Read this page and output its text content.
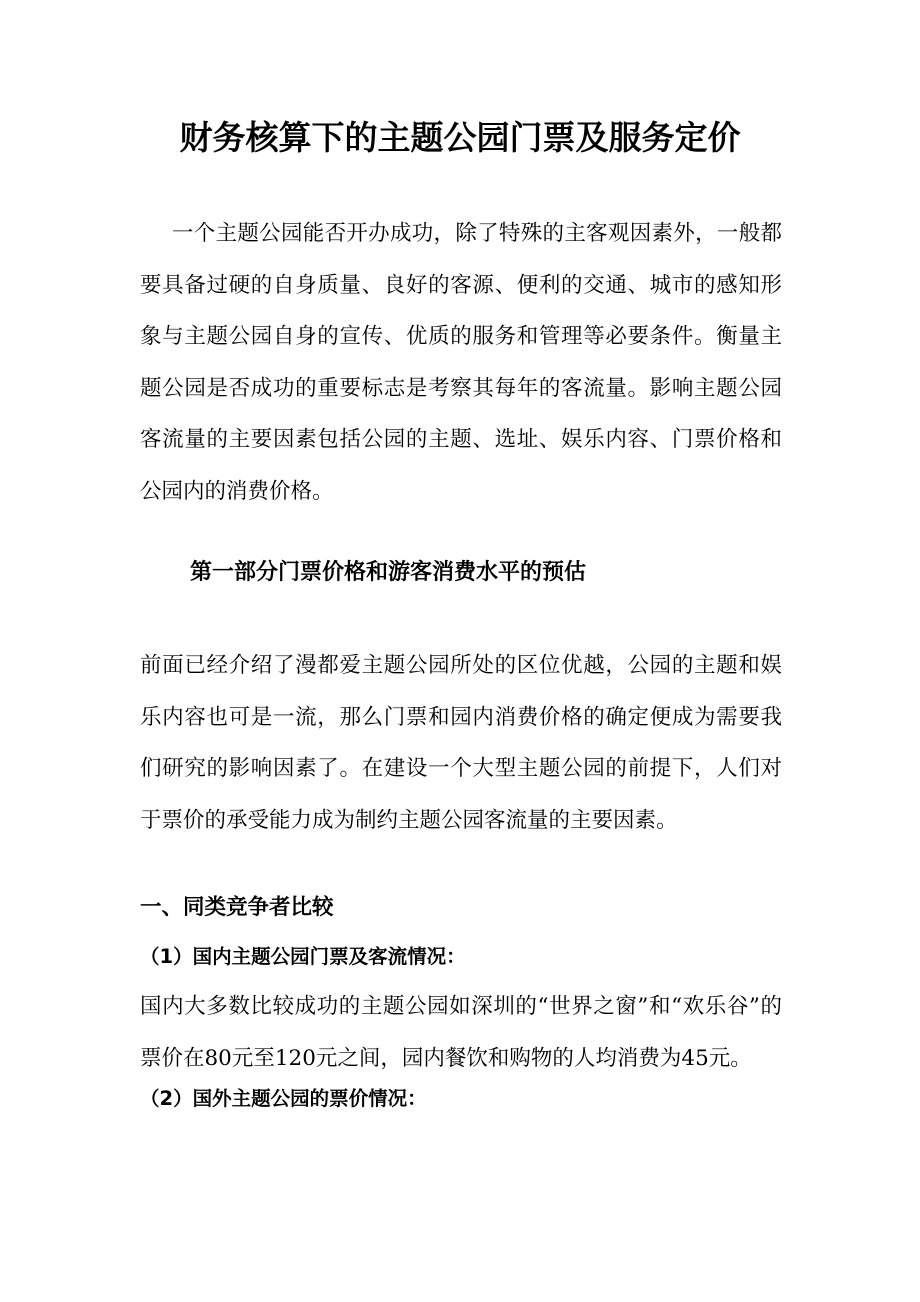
财务核算下的主题公园门票及服务定价

一个主题公园能否开办成功，除了特殊的主客观因素外，一般都要具备过硬的自身质量、良好的客源、便利的交通、城市的感知形象与主题公园自身的宣传、优质的服务和管理等必要条件。衡量主题公园是否成功的重要标志是考察其每年的客流量。影响主题公园客流量的主要因素包括公园的主题、选址、娱乐内容、门票价格和公园内的消费价格。

第一部分门票价格和游客消费水平的预估

前面已经介绍了漫都爱主题公园所处的区位优越，公园的主题和娱乐内容也可是一流，那么门票和园内消费价格的确定便成为需要我们研究的影响因素了。在建设一个大型主题公园的前提下，人们对于票价的承受能力成为制约主题公园客流量的主要因素。

一、同类竞争者比较
（1）国内主题公园门票及客流情况：

国内大多数比较成功的主题公园如深圳的“世界之窗”和“欢乐谷”的票价在80元至120元之间，园内餐饮和购物的人均消费为45元。

（2）国外主题公园的票价情况：
